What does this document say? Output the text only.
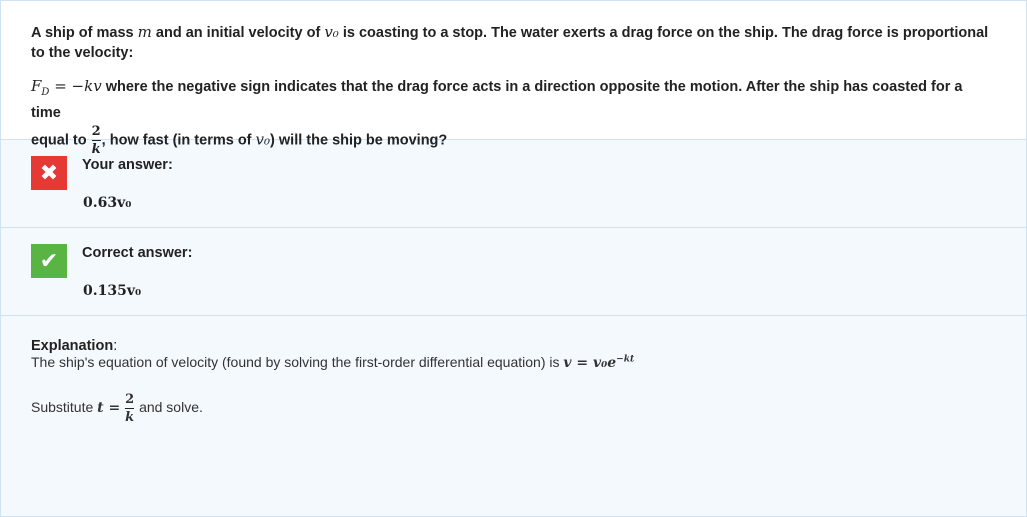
A ship of mass m and an initial velocity of v₀ is coasting to a stop. The water exerts a drag force on the ship. The drag force is proportional to the velocity:

$F_D = -kv$ where the negative sign indicates that the drag force acts in a direction opposite the motion. After the ship has coasted for a time

equal to $\frac{2}{k}$ , how fast (in terms of v₀) will the ship be moving?

✖	Your answer:
0.63v₀
✔	Correct answer:
0.135v₀

Explanation:

The ship's equation of velocity (found by solving the first-order differential equation) is $v = v_0e^{-kt}$

Substitute $t = \frac{2}{k}$ and solve.
